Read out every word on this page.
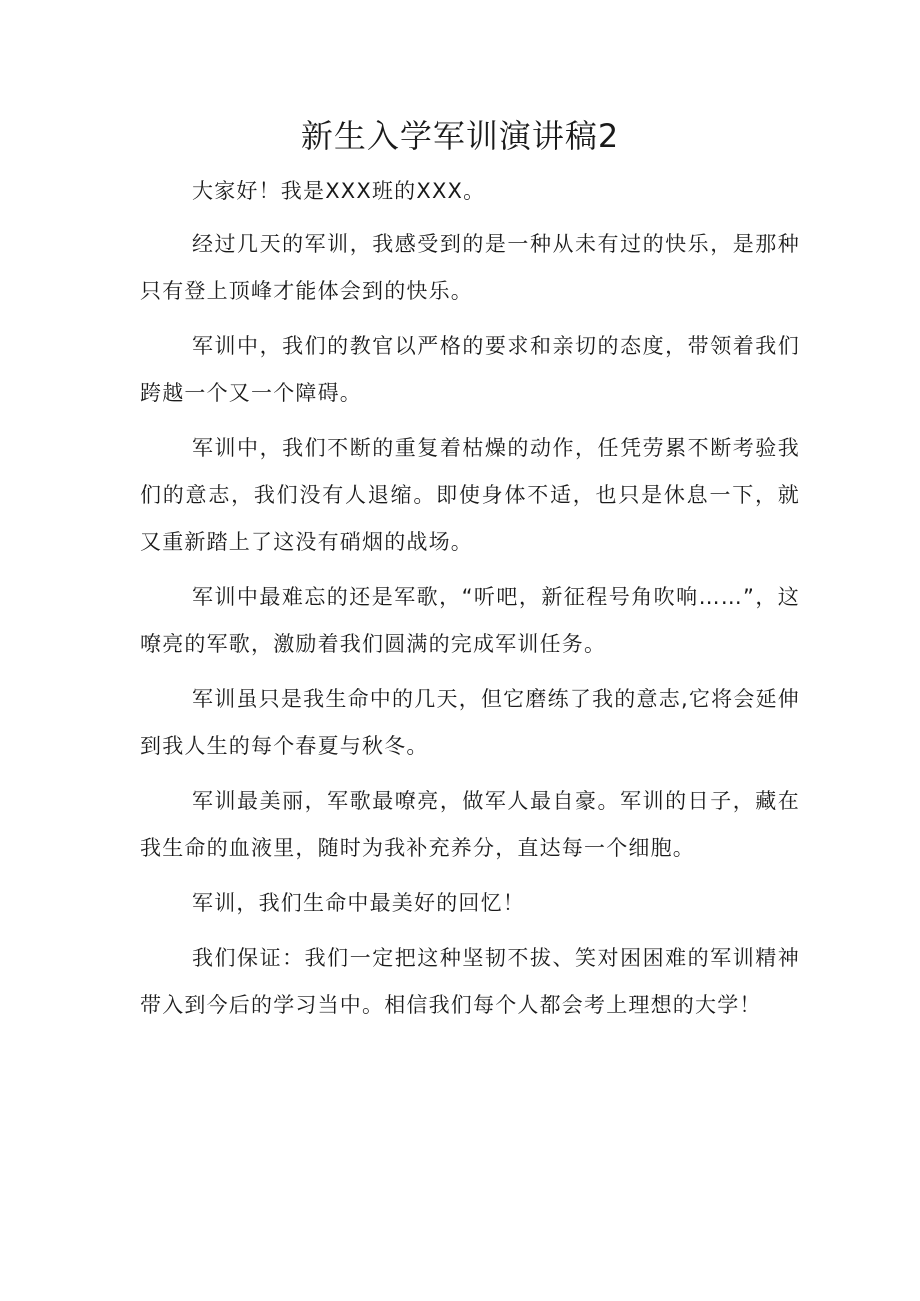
新生入学军训演讲稿2

大家好！我是XXX班的XXX。

经过几天的军训，我感受到的是一种从未有过的快乐，是那种只有登上顶峰才能体会到的快乐。

军训中，我们的教官以严格的要求和亲切的态度，带领着我们跨越一个又一个障碍。

军训中，我们不断的重复着枯燥的动作，任凭劳累不断考验我们的意志，我们没有人退缩。即使身体不适，也只是休息一下，就又重新踏上了这没有硝烟的战场。

军训中最难忘的还是军歌，“听吧，新征程号角吹响……”，这嘹亮的军歌，激励着我们圆满的完成军训任务。

军训虽只是我生命中的几天，但它磨练了我的意志,它将会延伸到我人生的每个春夏与秋冬。

军训最美丽，军歌最嘹亮，做军人最自豪。军训的日子，藏在我生命的血液里，随时为我补充养分，直达每一个细胞。

军训，我们生命中最美好的回忆！

我们保证：我们一定把这种坚韧不拔、笑对困困难的军训精神带入到今后的学习当中。相信我们每个人都会考上理想的大学！
